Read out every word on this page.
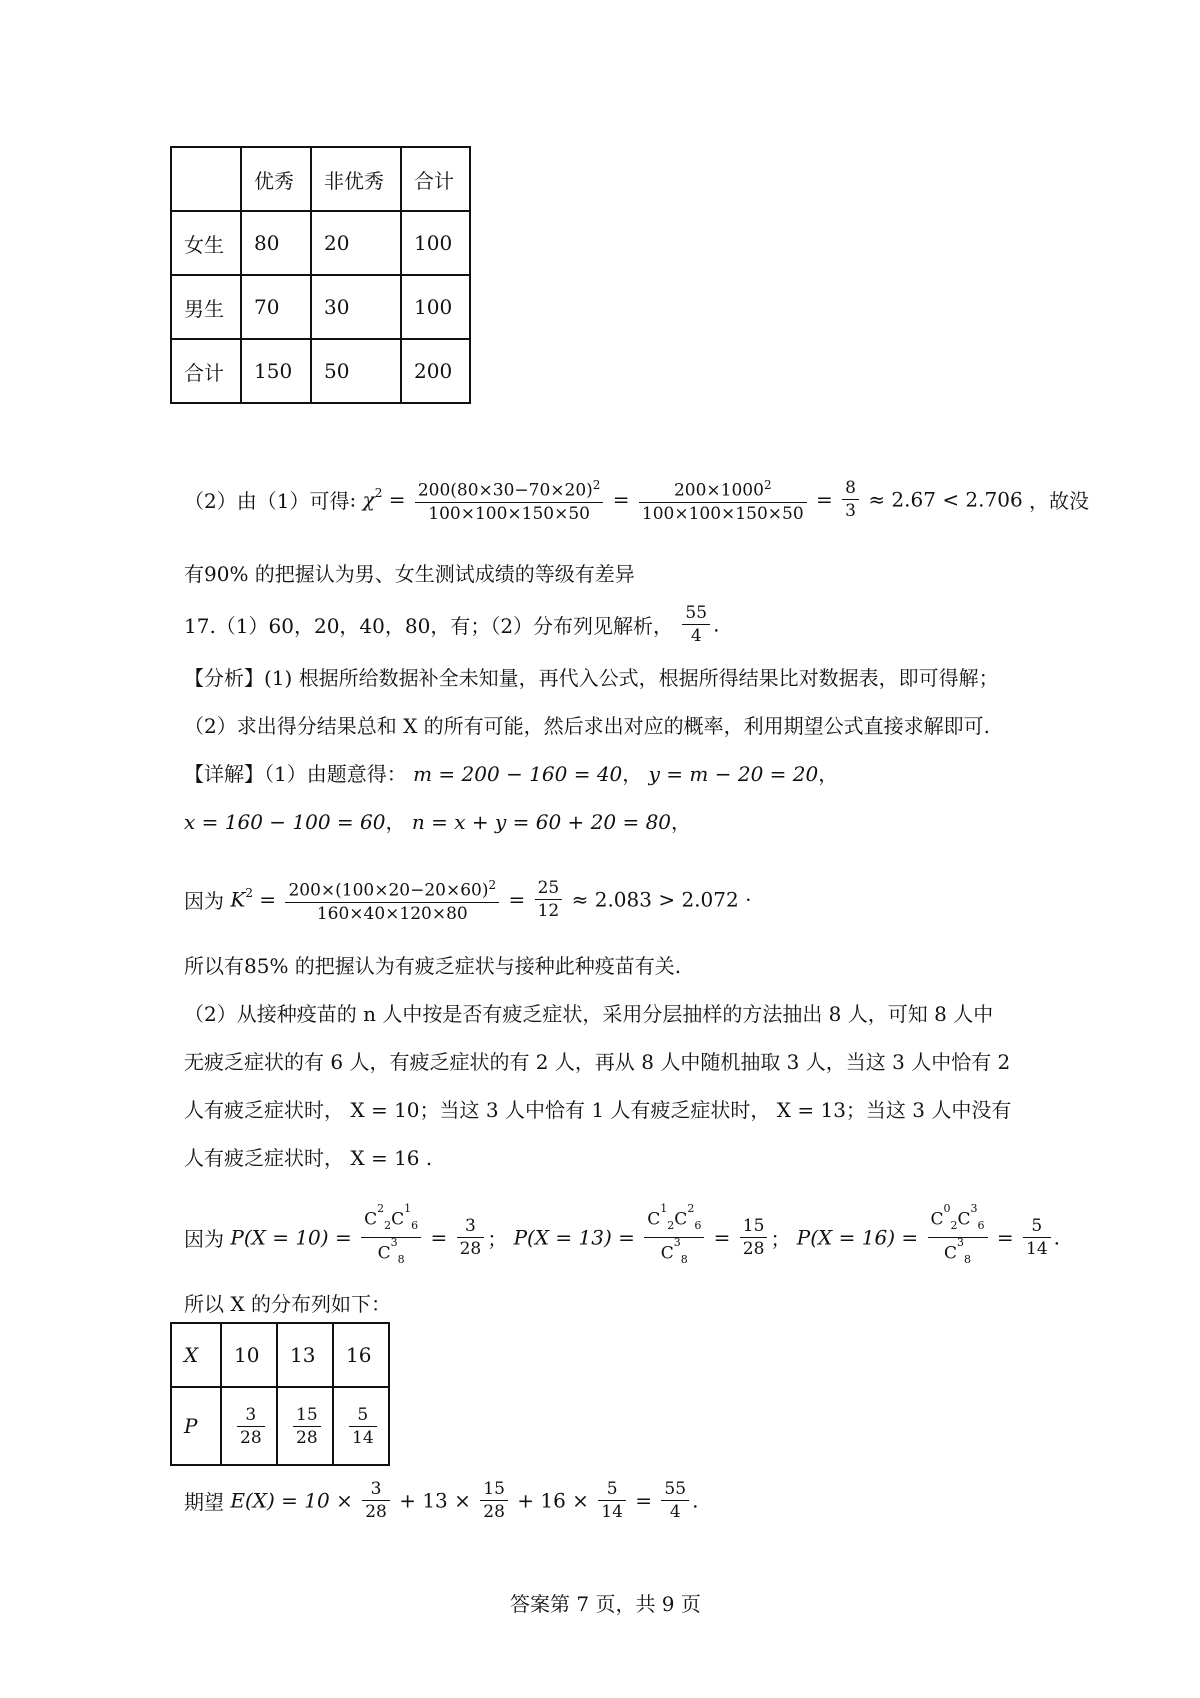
	优秀	非优秀	合计
女生	80	20	100
男生	70	30	100
合计	150	50	200
（2）由（1）可得: $\chi^2 = \frac{200(80\times 30-70\times 20)^2}{100\times 100\times 150\times 50} = \frac{200\times 1000^2}{100\times 100\times 150\times 50} = \frac{8}{3} \approx 2.67 < 2.706$ ，故没
有90% 的把握认为男、女生测试成绩的等级有差异
17.（1）60，20，40，80，有；（2）分布列见解析， $\frac{55}{4}$ .
【分析】(1) 根据所给数据补全未知量，再代入公式，根据所得结果比对数据表，即可得解；
（2）求出得分结果总和 X 的所有可能，然后求出对应的概率，利用期望公式直接求解即可.
【详解】（1）由题意得： m = 200 − 160 = 40， y = m − 20 = 20，
x = 160 − 100 = 60， n = x + y = 60 + 20 = 80，
因为 $K^2 = \frac{200\times(100\times 20-20\times 60)^2}{160\times 40\times 120\times 80} = \frac{25}{12} \approx 2.083 > 2.072$ ·
所以有85% 的把握认为有疲乏症状与接种此种疫苗有关.
（2）从接种疫苗的 n 人中按是否有疲乏症状，采用分层抽样的方法抽出 8 人，可知 8 人中
无疲乏症状的有 6 人，有疲乏症状的有 2 人，再从 8 人中随机抽取 3 人，当这 3 人中恰有 2
人有疲乏症状时， X = 10；当这 3 人中恰有 1 人有疲乏症状时， X = 13；当这 3 人中没有
人有疲乏症状时， X = 16 .
因为 $P(X = 10) = \frac{C^2_2C^1_6}{C^3_8} = \frac{3}{28}$ ； $P(X = 13) = \frac{C^1_2C^2_6}{C^3_8} = \frac{15}{28}$ ； $P(X = 16) = \frac{C^0_2C^3_6}{C^3_8} = \frac{5}{14}$ .
所以 X 的分布列如下：
X	10	13	16
P	$\frac{3}{28}$	$\frac{15}{28}$	$\frac{5}{14}$
期望 $E(X) = 10 \times \frac{3}{28} + 13 \times \frac{15}{28} + 16 \times \frac{5}{14} = \frac{55}{4}$ .
答案第 7 页，共 9 页
